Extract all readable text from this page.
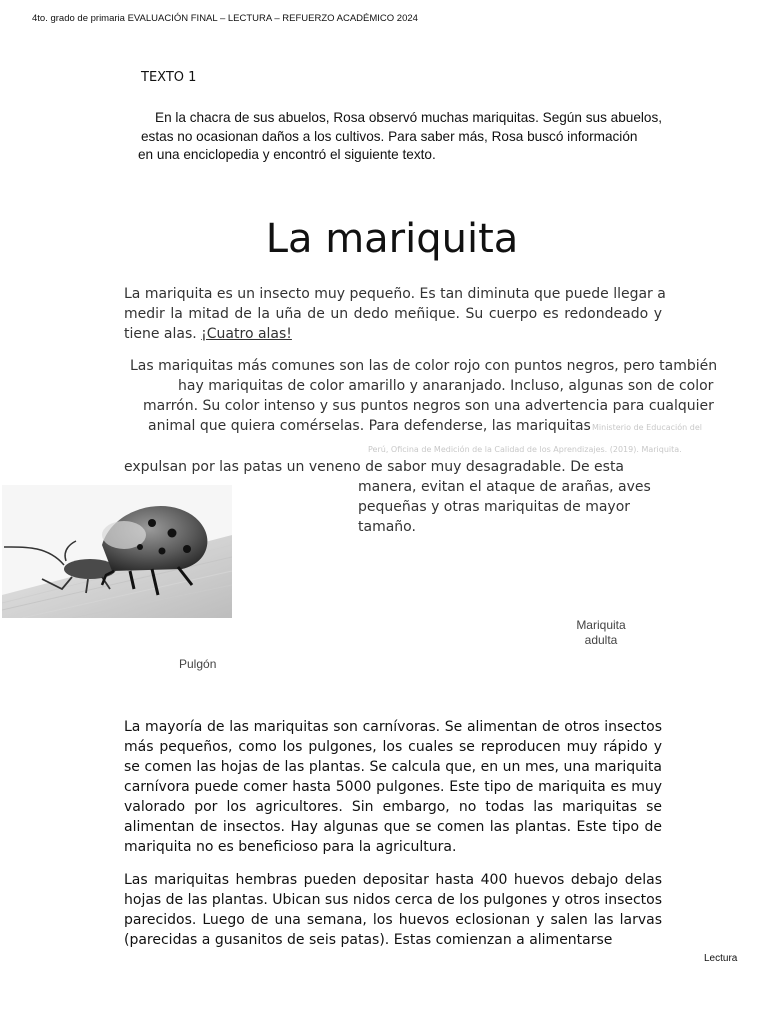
4to. grado de primaria EVALUACIÓN FINAL – LECTURA – REFUERZO ACADÉMICO 2024
TEXTO 1
En la chacra de sus abuelos, Rosa observó muchas mariquitas. Según sus abuelos,
estas no ocasionan daños a los cultivos. Para saber más, Rosa buscó información
en una enciclopedia y encontró el siguiente texto.
La mariquita
La mariquita es un insecto muy pequeño. Es tan diminuta que puede llegar a
medir la mitad de la uña de un dedo meñique. Su cuerpo es redondeado y
tiene alas. ¡Cuatro alas!
Las mariquitas más comunes son las de color rojo con puntos negros, pero también
hay mariquitas de color amarillo y anaranjado. Incluso, algunas son de color
marrón. Su color intenso y sus puntos negros son una advertencia para cualquier
animal que quiera comérselas. Para defenderse, las mariquitas Ministerio de Educación del
Perú, Oficina de Medición de la Calidad de los Aprendizajes. (2019). Mariquita.
expulsan por las patas un veneno de sabor muy desagradable. De esta
manera, evitan el ataque de arañas, aves
pequeñas y otras mariquitas de mayor
tamaño.
Mariquita adulta
Pulgón
La mayoría de las mariquitas son carnívoras. Se alimentan de otros insectos
más pequeños, como los pulgones, los cuales se reproducen muy rápido y
se comen las hojas de las plantas. Se calcula que, en un mes, una mariquita
carnívora puede comer hasta 5000 pulgones. Este tipo de mariquita es muy
valorado por los agricultores. Sin embargo, no todas las mariquitas se
alimentan de insectos. Hay algunas que se comen las plantas. Este tipo de
mariquita no es beneficioso para la agricultura.
Las mariquitas hembras pueden depositar hasta 400 huevos debajo delas
hojas de las plantas. Ubican sus nidos cerca de los pulgones y otros insectos
parecidos. Luego de una semana, los huevos eclosionan y salen las larvas
(parecidas a gusanitos de seis patas). Estas comienzan a alimentarse
Lectura
